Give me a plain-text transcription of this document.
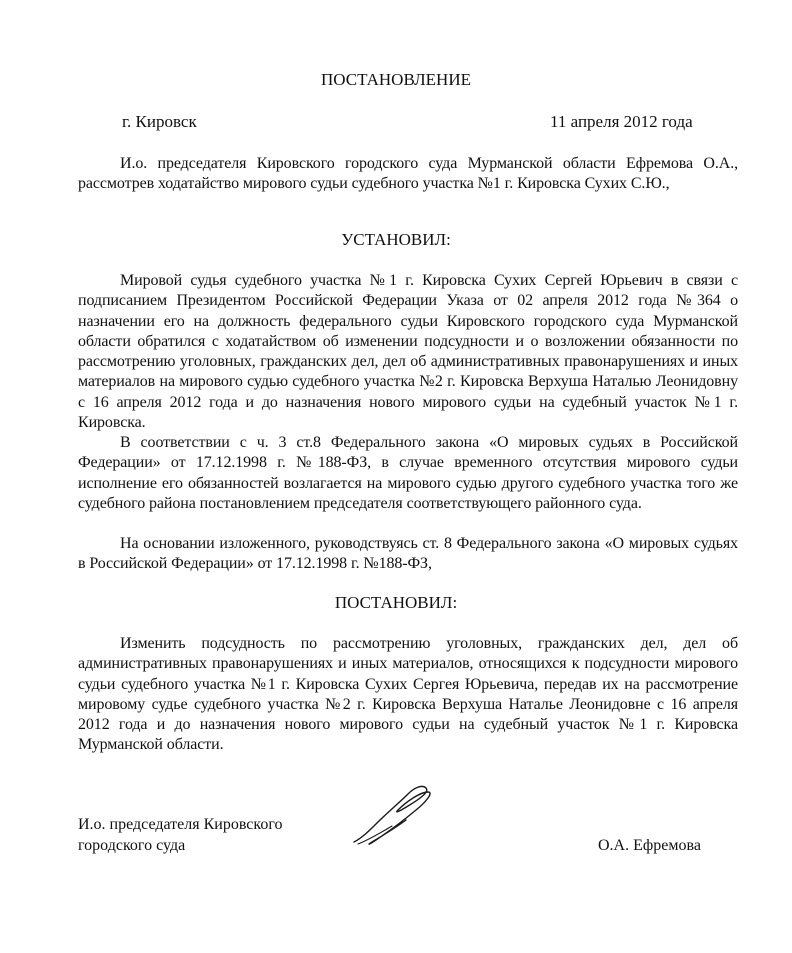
ПОСТАНОВЛЕНИЕ
г. Кировск	11 апреля 2012 года
И.о. председателя Кировского городского суда Мурманской области Ефремова О.А., рассмотрев ходатайство мирового судьи судебного участка №1 г. Кировска Сухих С.Ю.,
УСТАНОВИЛ:
Мировой судья судебного участка №1 г. Кировска Сухих Сергей Юрьевич в связи с подписанием Президентом Российской Федерации Указа от 02 апреля 2012 года №364 о назначении его на должность федерального судьи Кировского городского суда Мурманской области обратился с ходатайством об изменении подсудности и о возложении обязанности по рассмотрению уголовных, гражданских дел, дел об административных правонарушениях и иных материалов на мирового судью судебного участка №2 г. Кировска Верхуша Наталью Леонидовну с 16 апреля 2012 года и до назначения нового мирового судьи на судебный участок №1 г. Кировска.
В соответствии с ч. 3 ст.8 Федерального закона «О мировых судьях в Российской Федерации» от 17.12.1998 г. №188-ФЗ, в случае временного отсутствия мирового судьи исполнение его обязанностей возлагается на мирового судью другого судебного участка того же судебного района постановлением председателя соответствующего районного суда.
На основании изложенного, руководствуясь ст. 8 Федерального закона «О мировых судьях в Российской Федерации» от 17.12.1998 г. №188-ФЗ,
ПОСТАНОВИЛ:
Изменить подсудность по рассмотрению уголовных, гражданских дел, дел об административных правонарушениях и иных материалов, относящихся к подсудности мирового судьи судебного участка №1 г. Кировска Сухих Сергея Юрьевича, передав их на рассмотрение мировому судье судебного участка №2 г. Кировска Верхуша Наталье Леонидовне с 16 апреля 2012 года и до назначения нового мирового судьи на судебный участок №1 г. Кировска Мурманской области.
И.о. председателя Кировского
городского суда	О.А. Ефремова
